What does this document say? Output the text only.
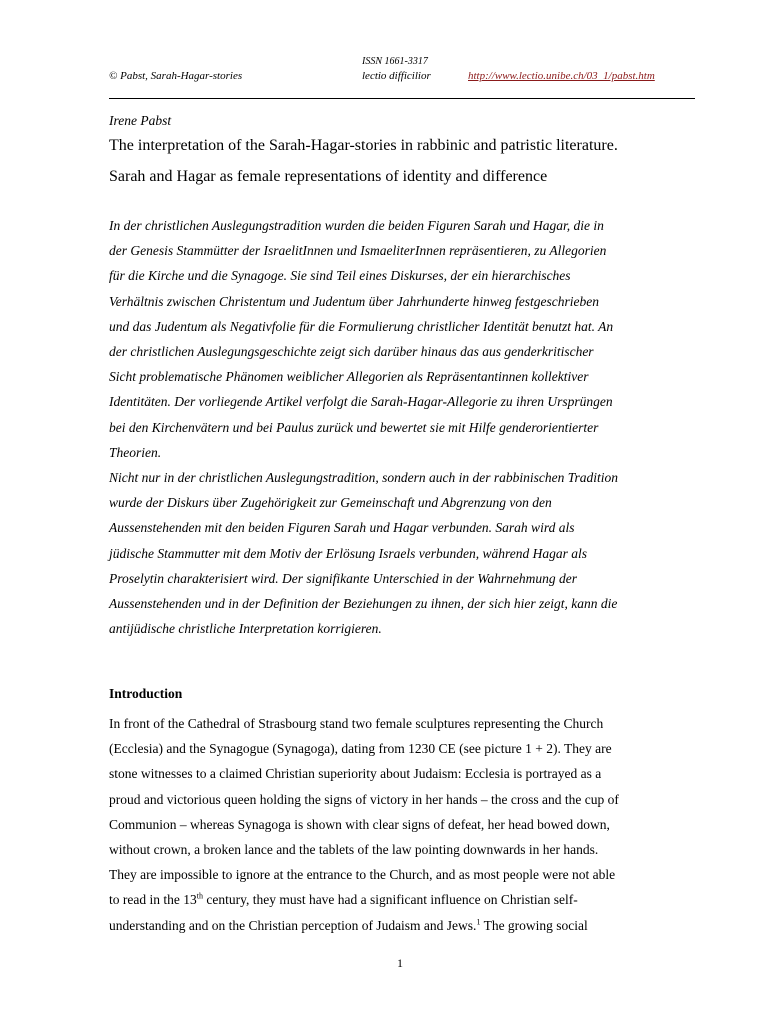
ISSN 1661-3317
© Pabst, Sarah-Hagar-stories	lectio difficilior	http://www.lectio.unibe.ch/03_1/pabst.htm
Irene Pabst
The interpretation of the Sarah-Hagar-stories in rabbinic and patristic literature.
Sarah and Hagar as female representations of identity and difference
In der christlichen Auslegungstradition wurden die beiden Figuren Sarah und Hagar, die in
der Genesis Stammütter der IsraelitInnen und IsmaeliterInnen repräsentieren, zu Allegorien
für die Kirche und die Synagoge. Sie sind Teil eines Diskurses, der ein hierarchisches
Verhältnis zwischen Christentum und Judentum über Jahrhunderte hinweg festgeschrieben
und das Judentum als Negativfolie für die Formulierung christlicher Identität benutzt hat. An
der christlichen Auslegungsgeschichte zeigt sich darüber hinaus das aus genderkritischer
Sicht problematische Phänomen weiblicher Allegorien als Repräsentantinnen kollektiver
Identitäten. Der vorliegende Artikel verfolgt die Sarah-Hagar-Allegorie zu ihren Ursprüngen
bei den Kirchenvätern und bei Paulus zurück und bewertet sie mit Hilfe genderorientierter
Theorien.
Nicht nur in der christlichen Auslegungstradition, sondern auch in der rabbinischen Tradition
wurde der Diskurs über Zugehörigkeit zur Gemeinschaft und Abgrenzung von den
Aussenstehenden mit den beiden Figuren Sarah und Hagar verbunden. Sarah wird als
jüdische Stammutter mit dem Motiv der Erlösung Israels verbunden, während Hagar als
Proselytin charakterisiert wird. Der signifikante Unterschied in der Wahrnehmung der
Aussenstehenden und in der Definition der Beziehungen zu ihnen, der sich hier zeigt, kann die
antijüdische christliche Interpretation korrigieren.
Introduction
In front of the Cathedral of Strasbourg stand two female sculptures representing the Church
(Ecclesia) and the Synagogue (Synagoga), dating from 1230 CE (see picture 1 + 2). They are
stone witnesses to a claimed Christian superiority about Judaism: Ecclesia is portrayed as a
proud and victorious queen holding the signs of victory in her hands – the cross and the cup of
Communion – whereas Synagoga is shown with clear signs of defeat, her head bowed down,
without crown, a broken lance and the tablets of the law pointing downwards in her hands.
They are impossible to ignore at the entrance to the Church, and as most people were not able
to read in the 13th century, they must have had a significant influence on Christian self-
understanding and on the Christian perception of Judaism and Jews.$^1$ The growing social
1
